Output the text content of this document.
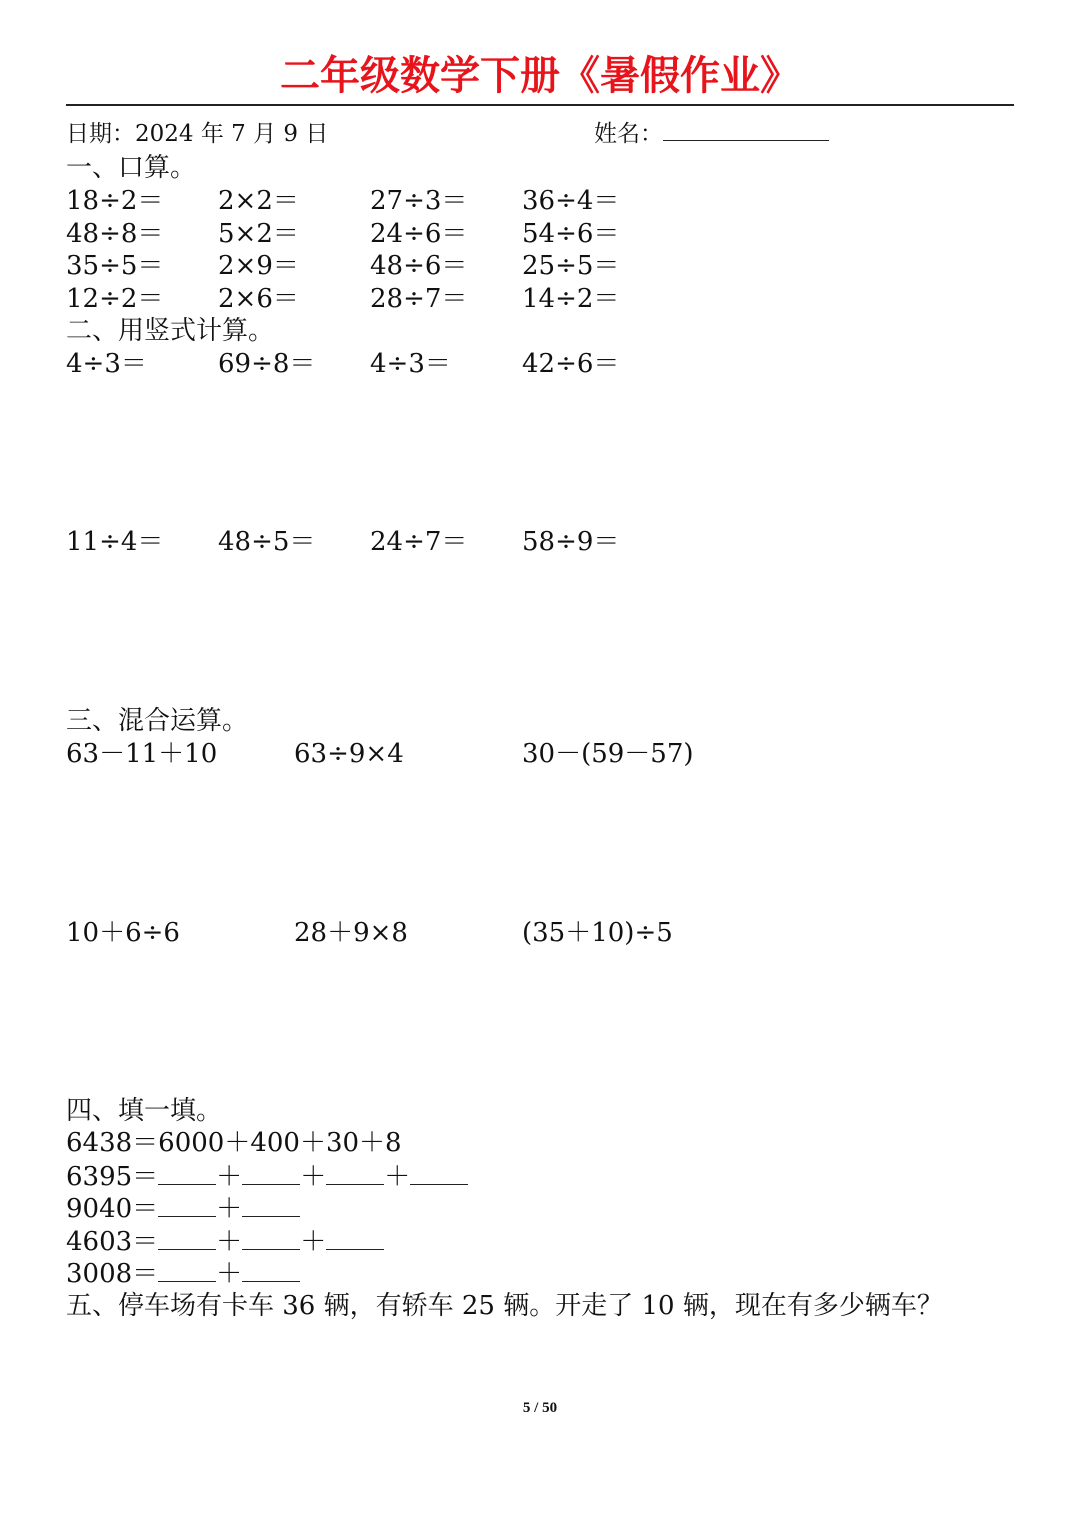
二年级数学下册《暑假作业》
日期：2024 年 7 月 9 日	姓名：
一、口算。
18÷2＝ 2×2＝	27÷3＝ 36÷4＝
48÷8＝ 5×2＝	24÷6＝ 54÷6＝
35÷5＝ 2×9＝	48÷6＝ 25÷5＝
12÷2＝ 2×6＝	28÷7＝ 14÷2＝
二、用竖式计算。
4÷3＝	69÷8＝ 4÷3＝	42÷6＝
11÷4＝ 48÷5＝ 24÷7＝ 58÷9＝
三、混合运算。
63－11＋10	63÷9×4	30－(59－57)
10＋6÷6	28＋9×8	(35＋10)÷5
四、填一填。
6438＝6000＋400＋30＋8
6395＝ ＋ ＋ ＋
9040＝ ＋
4603＝ ＋ ＋
3008＝ ＋
五、停车场有卡车 36 辆，有轿车 25 辆。开走了 10 辆，现在有多少辆车？
5 / 50
